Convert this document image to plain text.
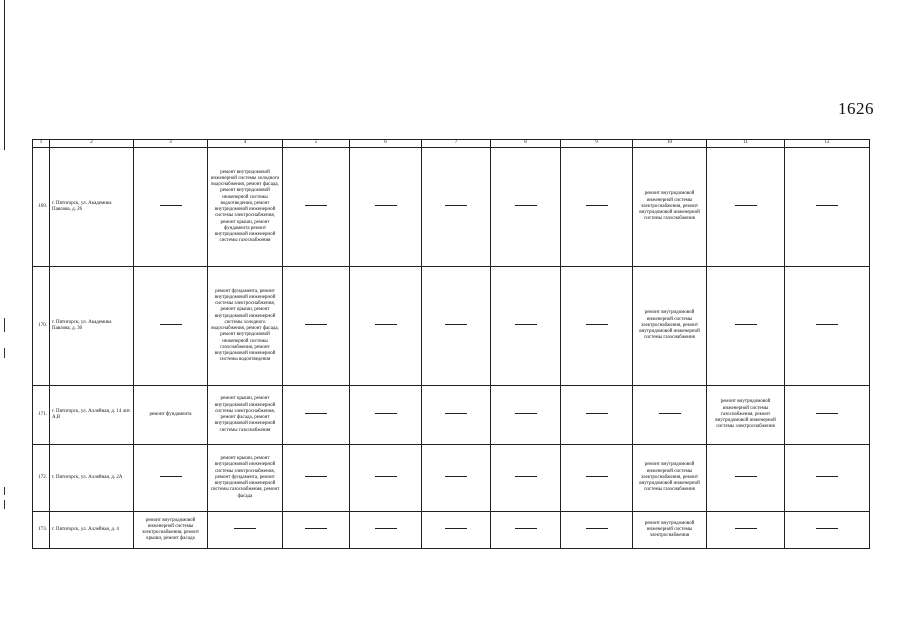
1626
1	2	3	4	5	6	7	8	9	10	11	12
169.	г. Пятигорск, ул. Академика Павлова, д. 26		ремонт внутридомовой инженерной системы холодного водоснабжения, ремонт фасада, ремонт внутридомовой инженерной системы водоотведения, ремонт внутридомовой инженерной системы электроснабжения, ремонт крыши, ремонт фундамента ремонт внутридомовой инженерной системы газоснабжения						ремонт внутридомовой инженерной системы электроснабжения, ремонт внутридомовой инженерной системы газоснабжения		
170.	г. Пятигорск, ул. Академика Павлова, д. 30		ремонт фундамента, ремонт внутридомовой инженерной системы электроснабжения, ремонт крыши, ремонт внутридомовой инженерной системы холодного водоснабжения, ремонт фасада, ремонт внутридомовой инженерной системы газоснабжения, ремонт внутридомовой инженерной системы водоотведения						ремонт внутридомовой инженерной системы электроснабжения, ремонт внутридомовой инженерной системы газоснабжения		
171.	г. Пятигорск, ул. Аллейная, д. 14 лит. А,В	ремонт фундамента	ремонт крыши, ремонт внутридомовой инженерной системы электроснабжения, ремонт фасада, ремонт внутридомовой инженерной системы газоснабжения							ремонт внутридомовой инженерной системы газоснабжения, ремонт внутридомовой инженерной системы электроснабжения	
172.	г. Пятигорск, ул. Аллейная, д. 2А		ремонт крыши, ремонт внутридомовой инженерной системы электроснабжения, ремонт фундамента, ремонт внутридомовой инженерной системы газоснабжения, ремонт фасада						ремонт внутридомовой инженерной системы электроснабжения, ремонт внутридомовой инженерной системы газоснабжения		
173.	г. Пятигорск, ул. Аллейная, д. 4	ремонт внутридомовой инженерной системы электроснабжения, ремонт крыши, ремонт фасада							ремонт внутридомовой инженерной системы электроснабжения		
